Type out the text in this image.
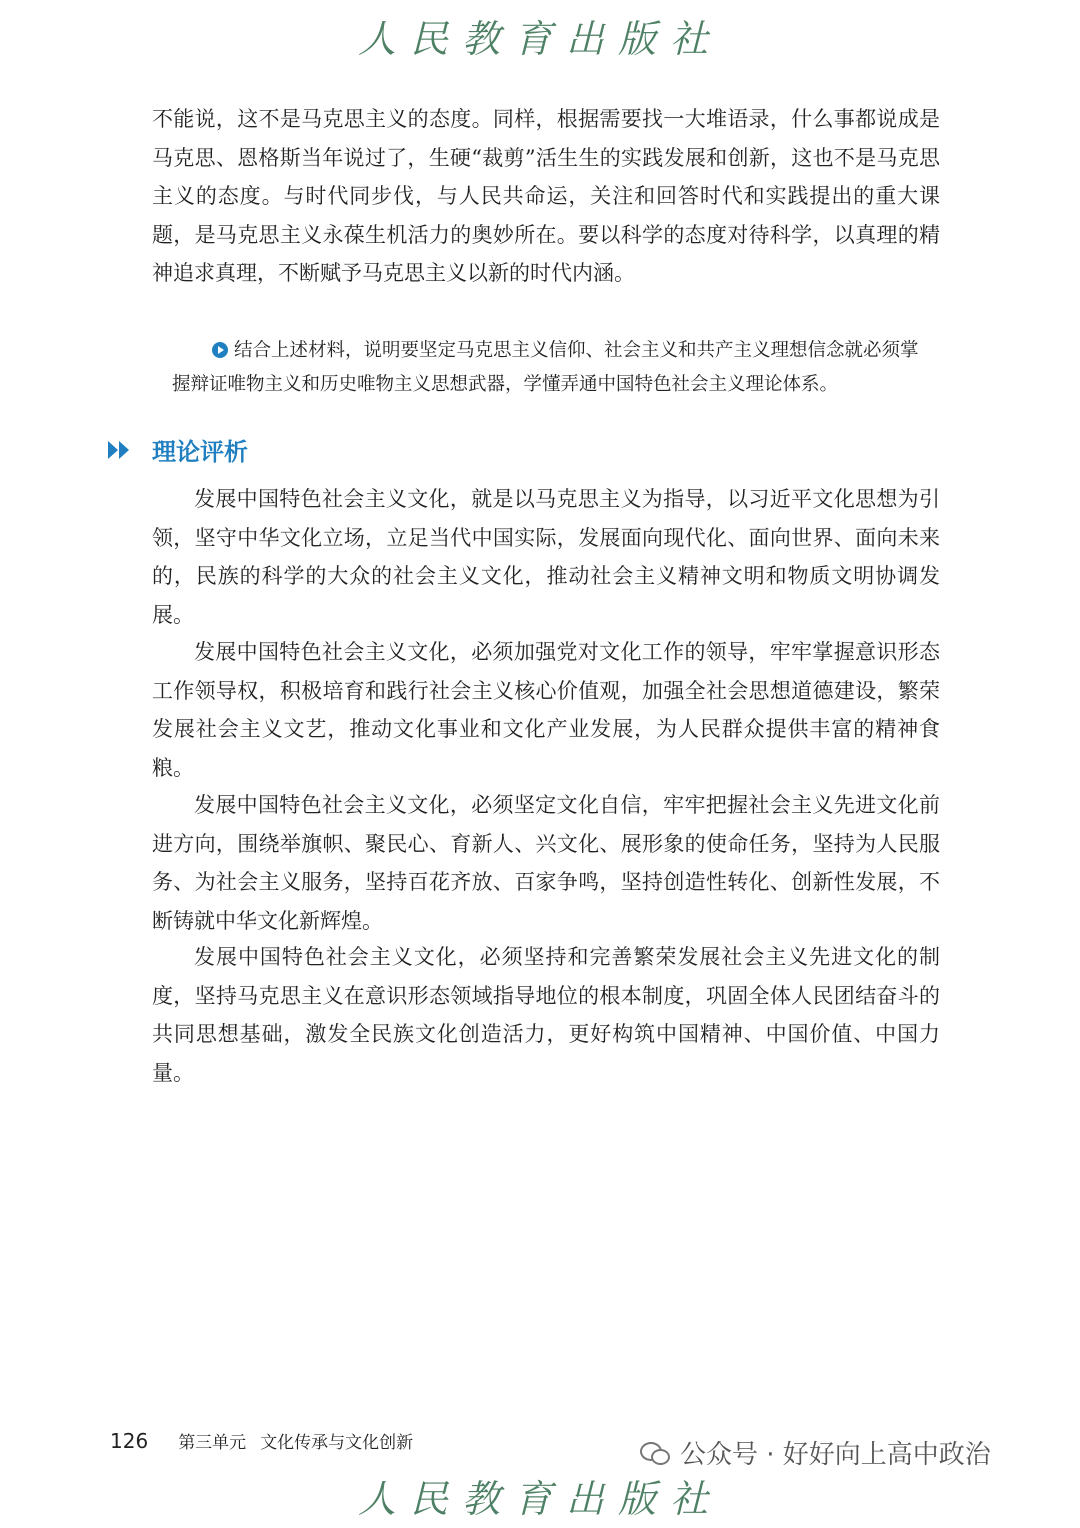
人民教育出版社
不能说，这不是马克思主义的态度。同样，根据需要找一大堆语录，什么事都说成是马克思、恩格斯当年说过了，生硬“裁剪”活生生的实践发展和创新，这也不是马克思主义的态度。与时代同步伐，与人民共命运，关注和回答时代和实践提出的重大课题，是马克思主义永葆生机活力的奥妙所在。要以科学的态度对待科学，以真理的精神追求真理，不断赋予马克思主义以新的时代内涵。
结合上述材料，说明要坚定马克思主义信仰、社会主义和共产主义理想信念就必须掌握辩证唯物主义和历史唯物主义思想武器，学懂弄通中国特色社会主义理论体系。
理论评析
发展中国特色社会主义文化，就是以马克思主义为指导，以习近平文化思想为引领，坚守中华文化立场，立足当代中国实际，发展面向现代化、面向世界、面向未来的，民族的科学的大众的社会主义文化，推动社会主义精神文明和物质文明协调发展。
发展中国特色社会主义文化，必须加强党对文化工作的领导，牢牢掌握意识形态工作领导权，积极培育和践行社会主义核心价值观，加强全社会思想道德建设，繁荣发展社会主义文艺，推动文化事业和文化产业发展，为人民群众提供丰富的精神食粮。
发展中国特色社会主义文化，必须坚定文化自信，牢牢把握社会主义先进文化前进方向，围绕举旗帜、聚民心、育新人、兴文化、展形象的使命任务，坚持为人民服务、为社会主义服务，坚持百花齐放、百家争鸣，坚持创造性转化、创新性发展，不断铸就中华文化新辉煌。
发展中国特色社会主义文化，必须坚持和完善繁荣发展社会主义先进文化的制度，坚持马克思主义在意识形态领域指导地位的根本制度，巩固全体人民团结奋斗的共同思想基础，激发全民族文化创造活力，更好构筑中国精神、中国价值、中国力量。
126 第三单元 文化传承与文化创新	公众号 · 好好向上高中政治
人民教育出版社
